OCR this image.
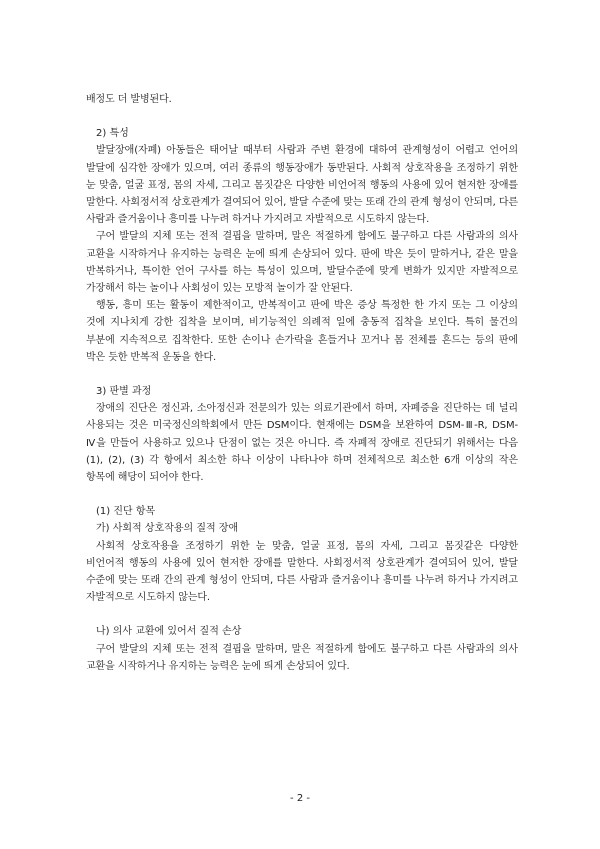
배정도 더 발병된다.

2) 특성

발달장애(자폐) 아동들은 태어날 때부터 사람과 주변 환경에 대하여 관계형성이 어렵고 언어의 발달에 심각한 장애가 있으며, 여러 종류의 행동장애가 동반된다. 사회적 상호작용을 조정하기 위한 눈 맞춤, 얼굴 표정, 몸의 자세, 그리고 몸짓같은 다양한 비언어적 행동의 사용에 있어 현저한 장애를 말한다. 사회정서적 상호관계가 결여되어 있어, 발달 수준에 맞는 또래 간의 관계 형성이 안되며, 다른 사람과 즐거움이나 흥미를 나누려 하거나 가지려고 자발적으로 시도하지 않는다.

구어 발달의 지체 또는 전적 결핍을 말하며, 말은 적절하게 함에도 불구하고 다른 사람과의 의사 교환을 시작하거나 유지하는 능력은 눈에 띄게 손상되어 있다. 판에 박은 듯이 말하거나, 같은 말을 반복하거나, 특이한 언어 구사를 하는 특성이 있으며, 발달수준에 맞게 변화가 있지만 자발적으로 가장해서 하는 놀이나 사회성이 있는 모방적 놀이가 잘 안된다.

행동, 흥미 또는 활동이 제한적이고, 반복적이고 판에 박은 증상 특정한 한 가지 또는 그 이상의 것에 지나치게 강한 집착을 보이며, 비기능적인 의례적 일에 충동적 집착을 보인다. 특히 물건의 부분에 지속적으로 집착한다. 또한 손이나 손가락을 흔들거나 꼬거나 몸 전체를 흔드는 등의 판에 박은 듯한 반복적 운동을 한다.

3) 판별 과정

장애의 진단은 정신과, 소아정신과 전문의가 있는 의료기관에서 하며, 자폐증을 진단하는 데 널리 사용되는 것은 미국정신의학회에서 만든 DSM이다. 현재에는 DSM을 보완하여 DSM-Ⅲ-R, DSM-Ⅳ을 만들어 사용하고 있으나 단점이 없는 것은 아니다. 즉 자폐적 장애로 진단되기 위해서는 다음 (1), (2), (3) 각 항에서 최소한 하나 이상이 나타나야 하며 전체적으로 최소한 6개 이상의 작은 항목에 해당이 되어야 한다.

(1) 진단 항목

가) 사회적 상호작용의 질적 장애

사회적 상호작용을 조정하기 위한 눈 맞춤, 얼굴 표정, 몸의 자세, 그리고 몸짓같은 다양한 비언어적 행동의 사용에 있어 현저한 장애를 말한다. 사회정서적 상호관계가 결여되어 있어, 발달 수준에 맞는 또래 간의 관계 형성이 안되며, 다른 사람과 즐거움이나 흥미를 나누려 하거나 가지려고 자발적으로 시도하지 않는다.

나) 의사 교환에 있어서 질적 손상

구어 발달의 지체 또는 전적 결핍을 말하며, 말은 적절하게 함에도 불구하고 다른 사람과의 의사 교환을 시작하거나 유지하는 능력은 눈에 띄게 손상되어 있다.

- 2 -
